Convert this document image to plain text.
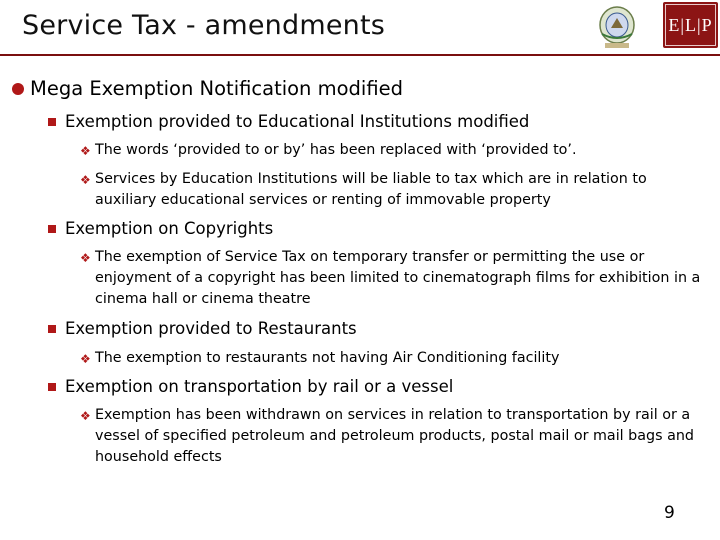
Service Tax - amendments	E|L|P
Mega Exemption Notification modified
Exemption provided to Educational Institutions modified
❖ The words ‘provided to or by’ has been replaced with ‘provided to’.
❖ Services by Education Institutions will be liable to tax which are in relation to auxiliary educational services or renting of immovable property
Exemption on Copyrights
❖ The exemption of Service Tax on temporary transfer or permitting the use or enjoyment of a copyright has been limited to cinematograph films for exhibition in a cinema hall or cinema theatre
Exemption provided to Restaurants
❖ The exemption to restaurants not having Air Conditioning facility
Exemption on transportation by rail or a vessel
❖ Exemption has been withdrawn on services in relation to transportation by rail or a vessel of specified petroleum and petroleum products, postal mail or mail bags and household effects
9
